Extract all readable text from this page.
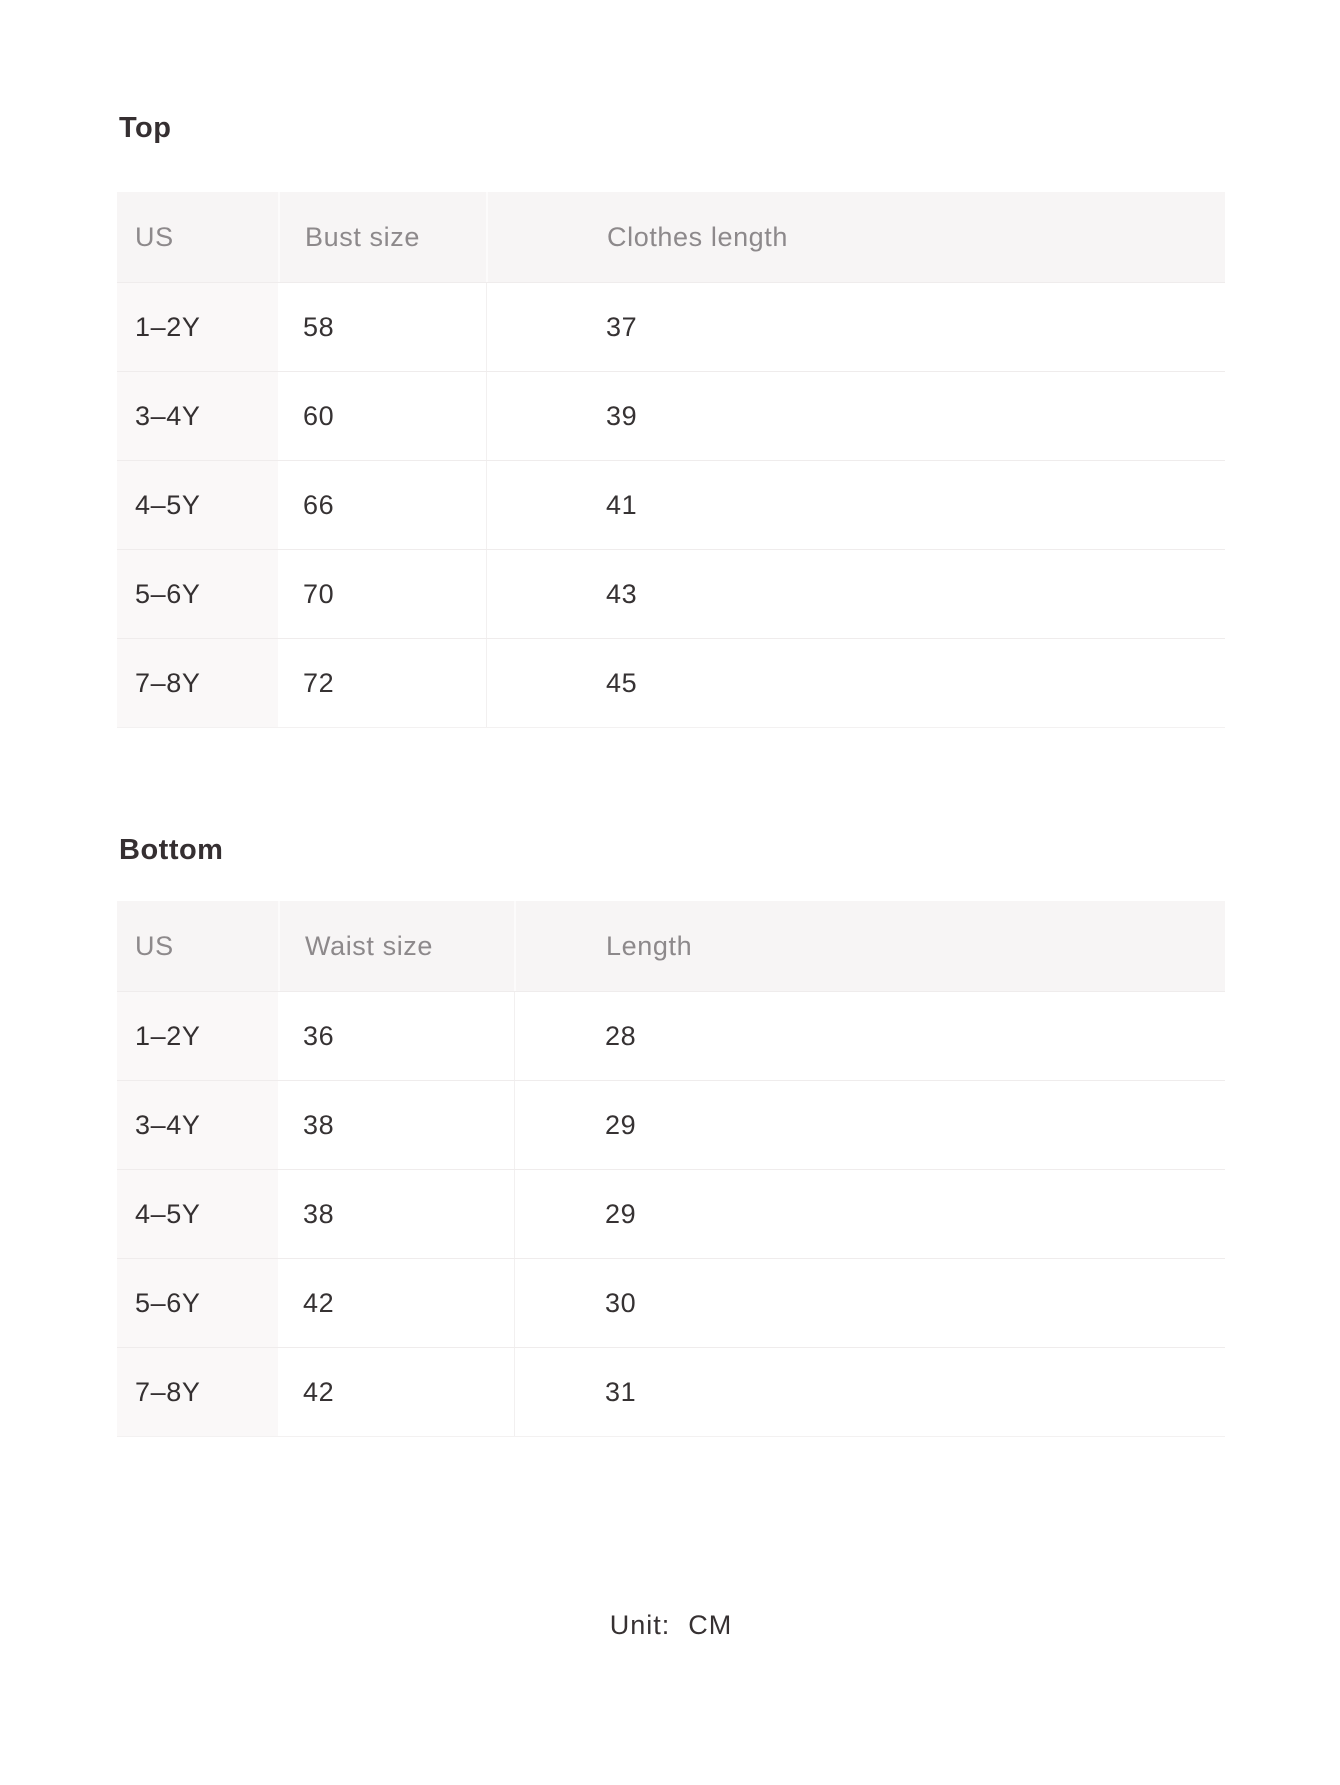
Top
US	Bust size	Clothes length
1–2Y	58	37
3–4Y	60	39
4–5Y	66	41
5–6Y	70	43
7–8Y	72	45
Bottom
US	Waist size	Length
1–2Y	36	28
3–4Y	38	29
4–5Y	38	29
5–6Y	42	30
7–8Y	42	31
Unit: CM
